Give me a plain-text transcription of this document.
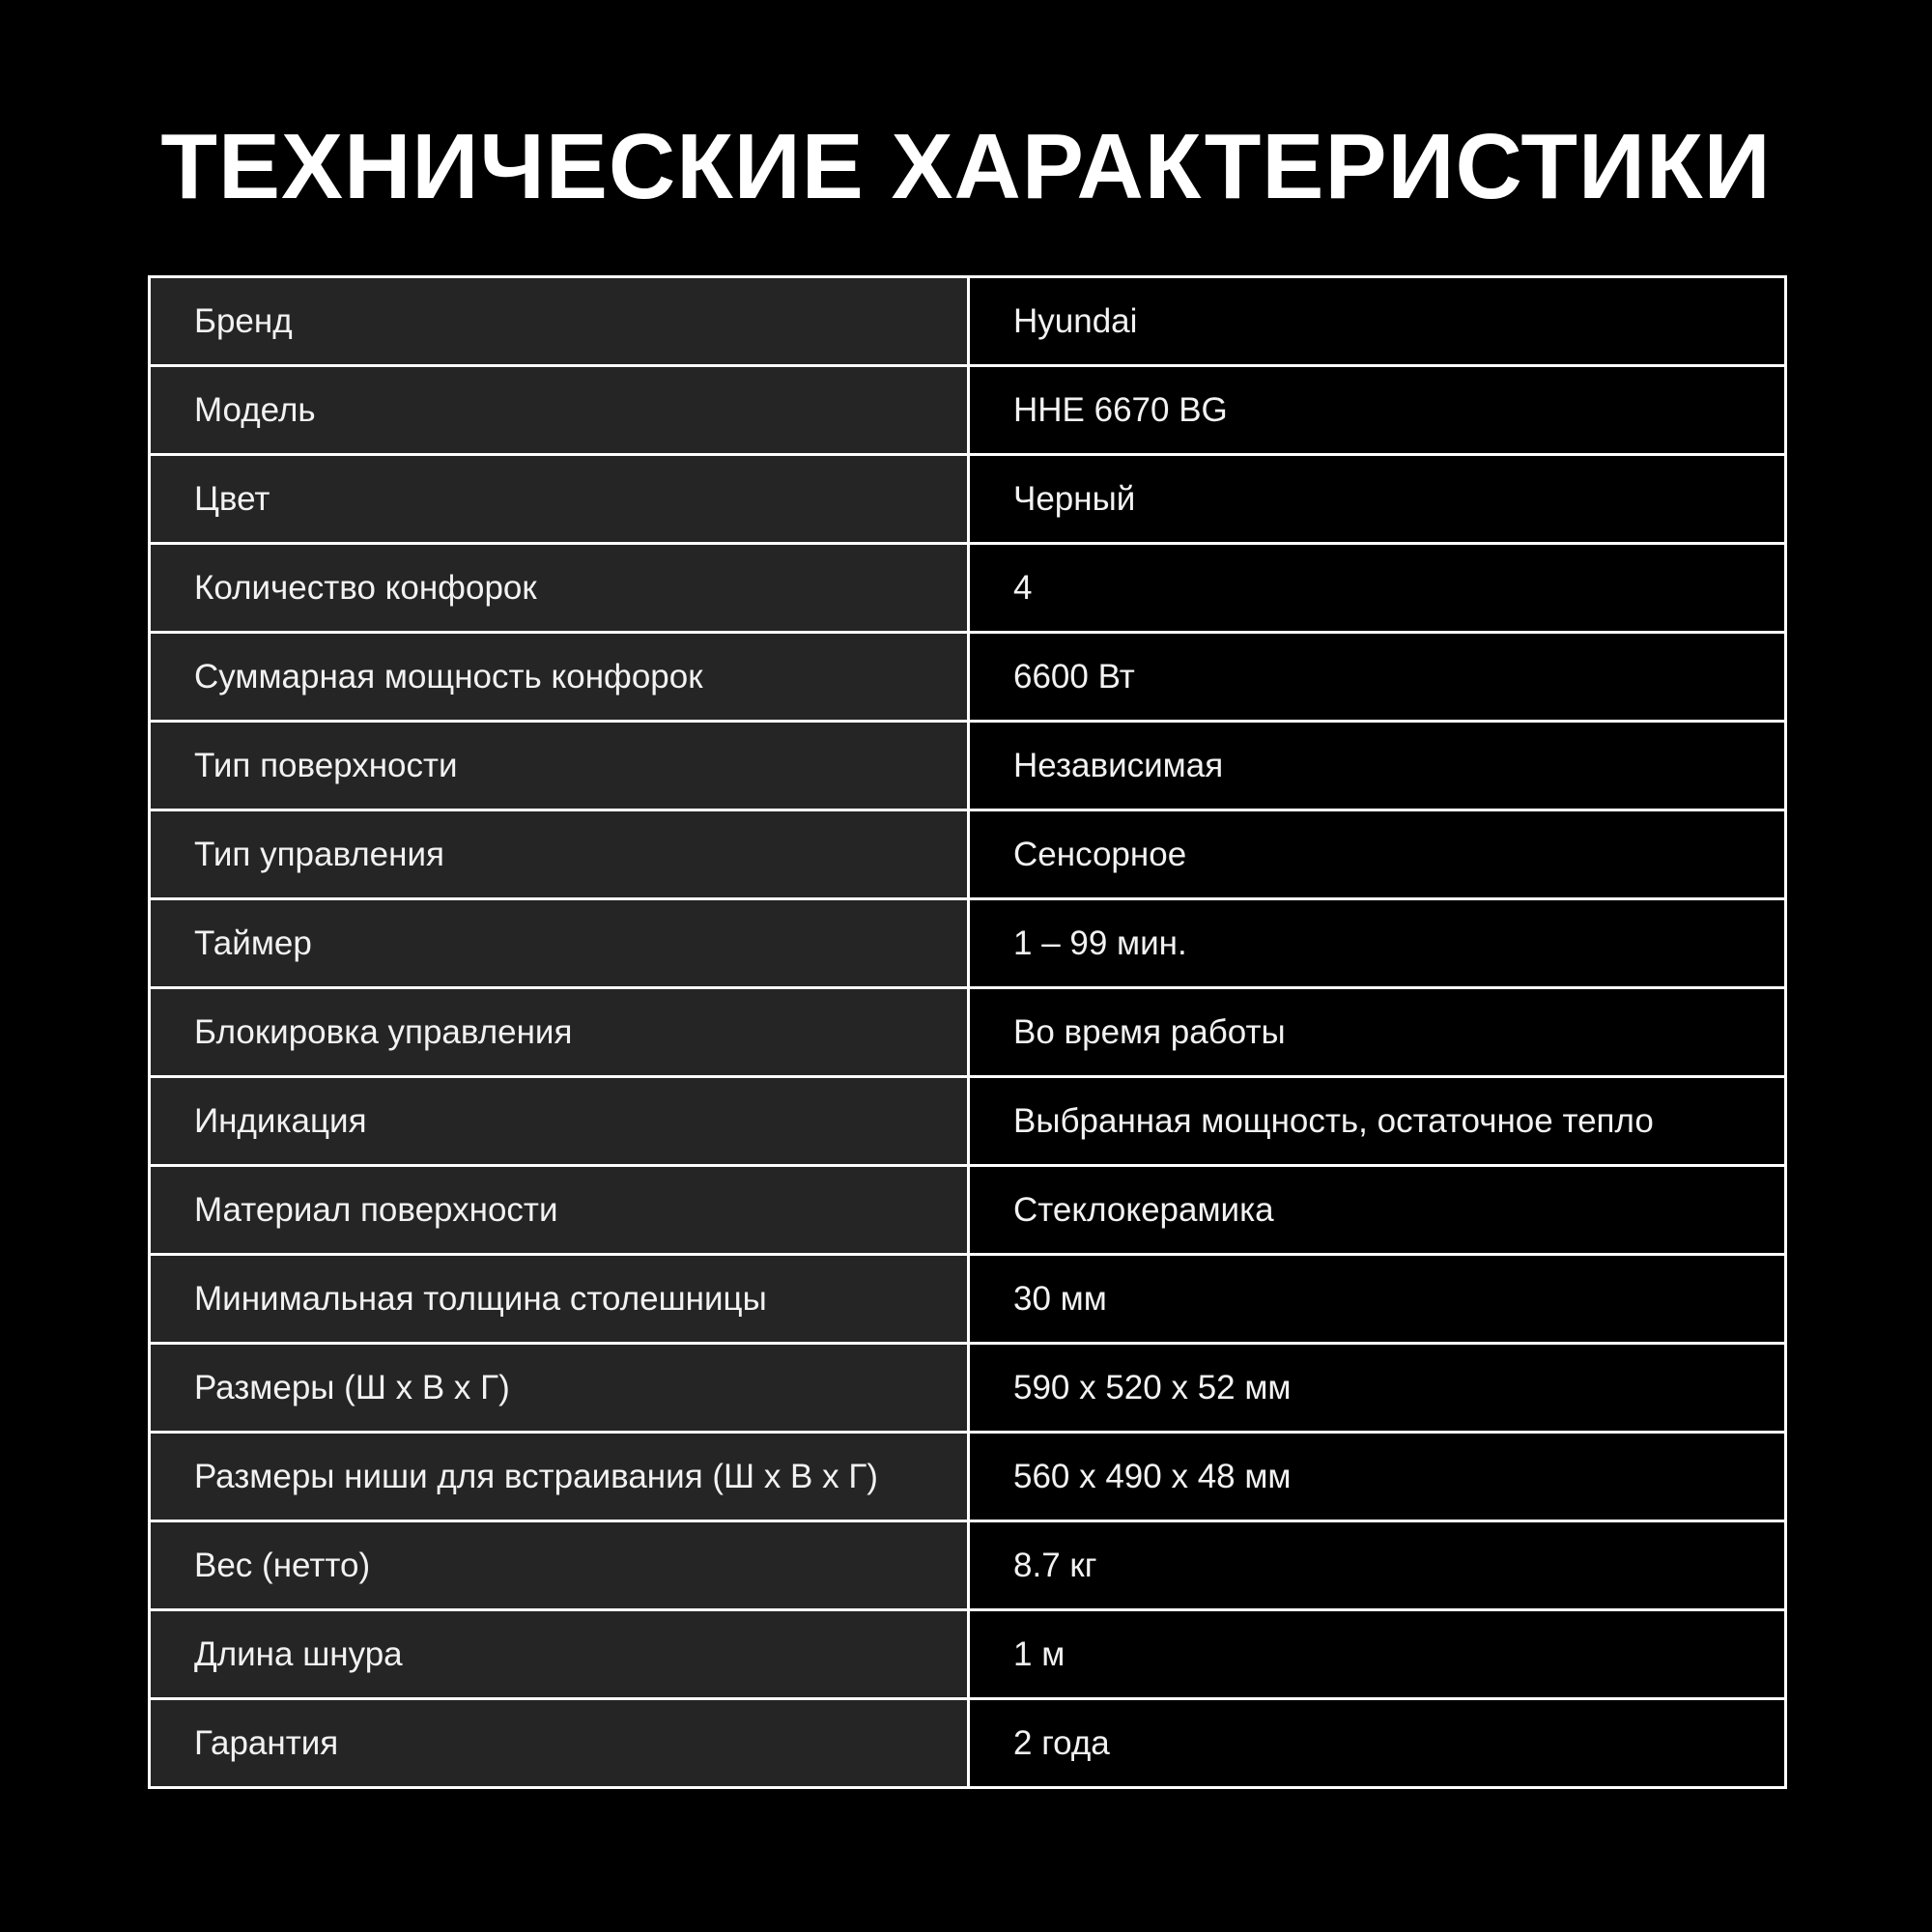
ТЕХНИЧЕСКИЕ ХАРАКТЕРИСТИКИ
Бренд	Hyundai
Модель	HHE 6670 BG
Цвет	Черный
Количество конфорок	4
Суммарная мощность конфорок	6600 Вт
Тип поверхности	Независимая
Тип управления	Сенсорное
Таймер	1 – 99 мин.
Блокировка управления	Во время работы
Индикация	Выбранная мощность, остаточное тепло
Материал поверхности	Стеклокерамика
Минимальная толщина столешницы	30 мм
Размеры (Ш x В x Г)	590 x 520 x 52 мм
Размеры ниши для встраивания (Ш x В x Г)	560 x 490 x 48 мм
Вес (нетто)	8.7 кг
Длина шнура	1 м
Гарантия	2 года
